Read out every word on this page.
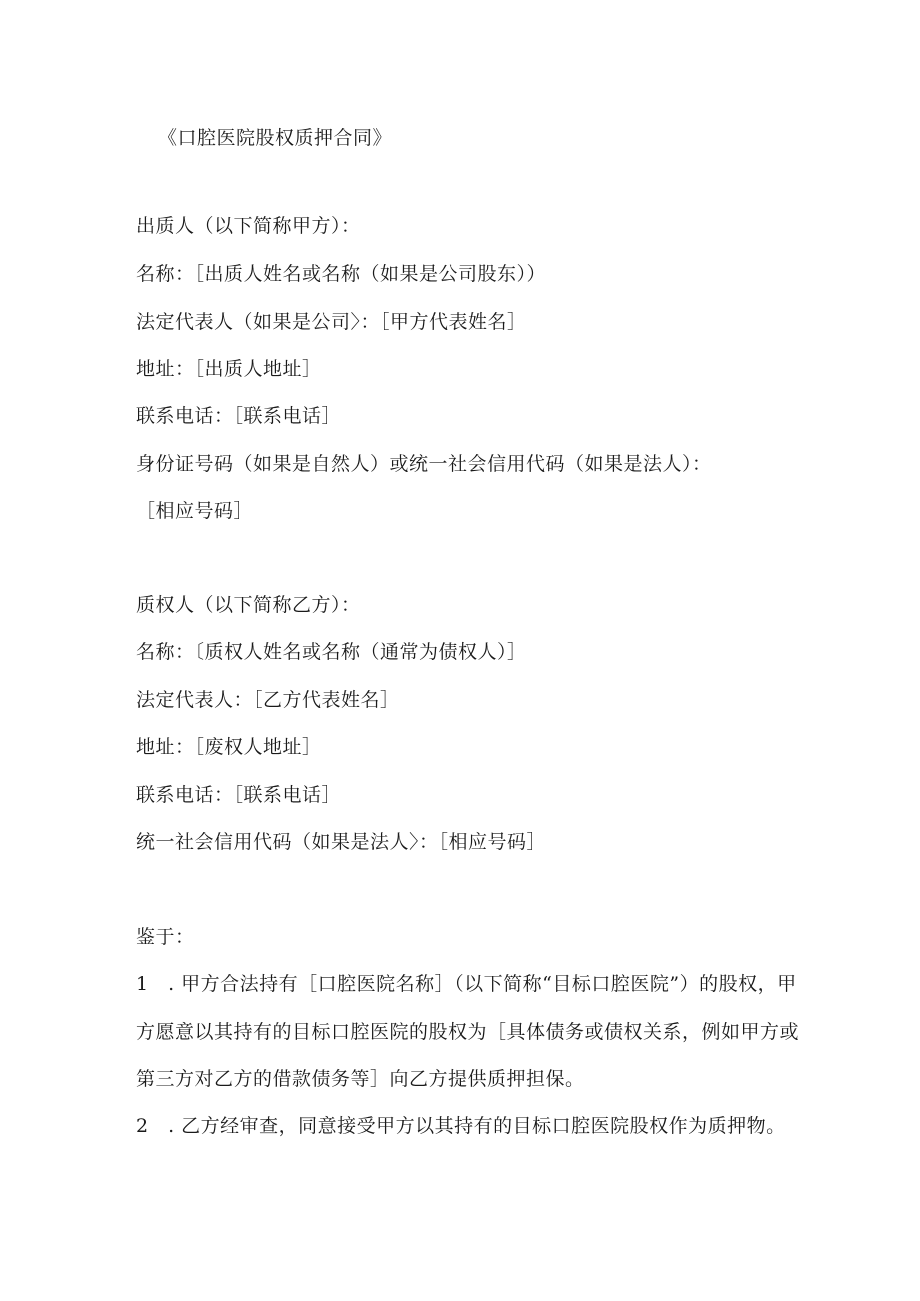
《口腔医院股权质押合同》
出质人（以下简称甲方）：
名称：［出质人姓名或名称（如果是公司股东））
法定代表人（如果是公司〉：［甲方代表姓名］
地址：［出质人地址］
联系电话：［联系电话］
身份证号码（如果是自然人）或统一社会信用代码（如果是法人）：
［相应号码］
质权人（以下简称乙方）：
名称：〔质权人姓名或名称（通常为债权人）］
法定代表人：［乙方代表姓名］
地址：［废权人地址］
联系电话：［联系电话］
统一社会信用代码（如果是法人〉：［相应号码］
鉴于：
1　. 甲方合法持有［口腔医院名称］（以下简称“目标口腔医院”）的股权，甲
方愿意以其持有的目标口腔医院的股权为［具体债务或债权关系，例如甲方或
第三方对乙方的借款债务等］向乙方提供质押担保。
2　. 乙方经审查，同意接受甲方以其持有的目标口腔医院股权作为质押物。
